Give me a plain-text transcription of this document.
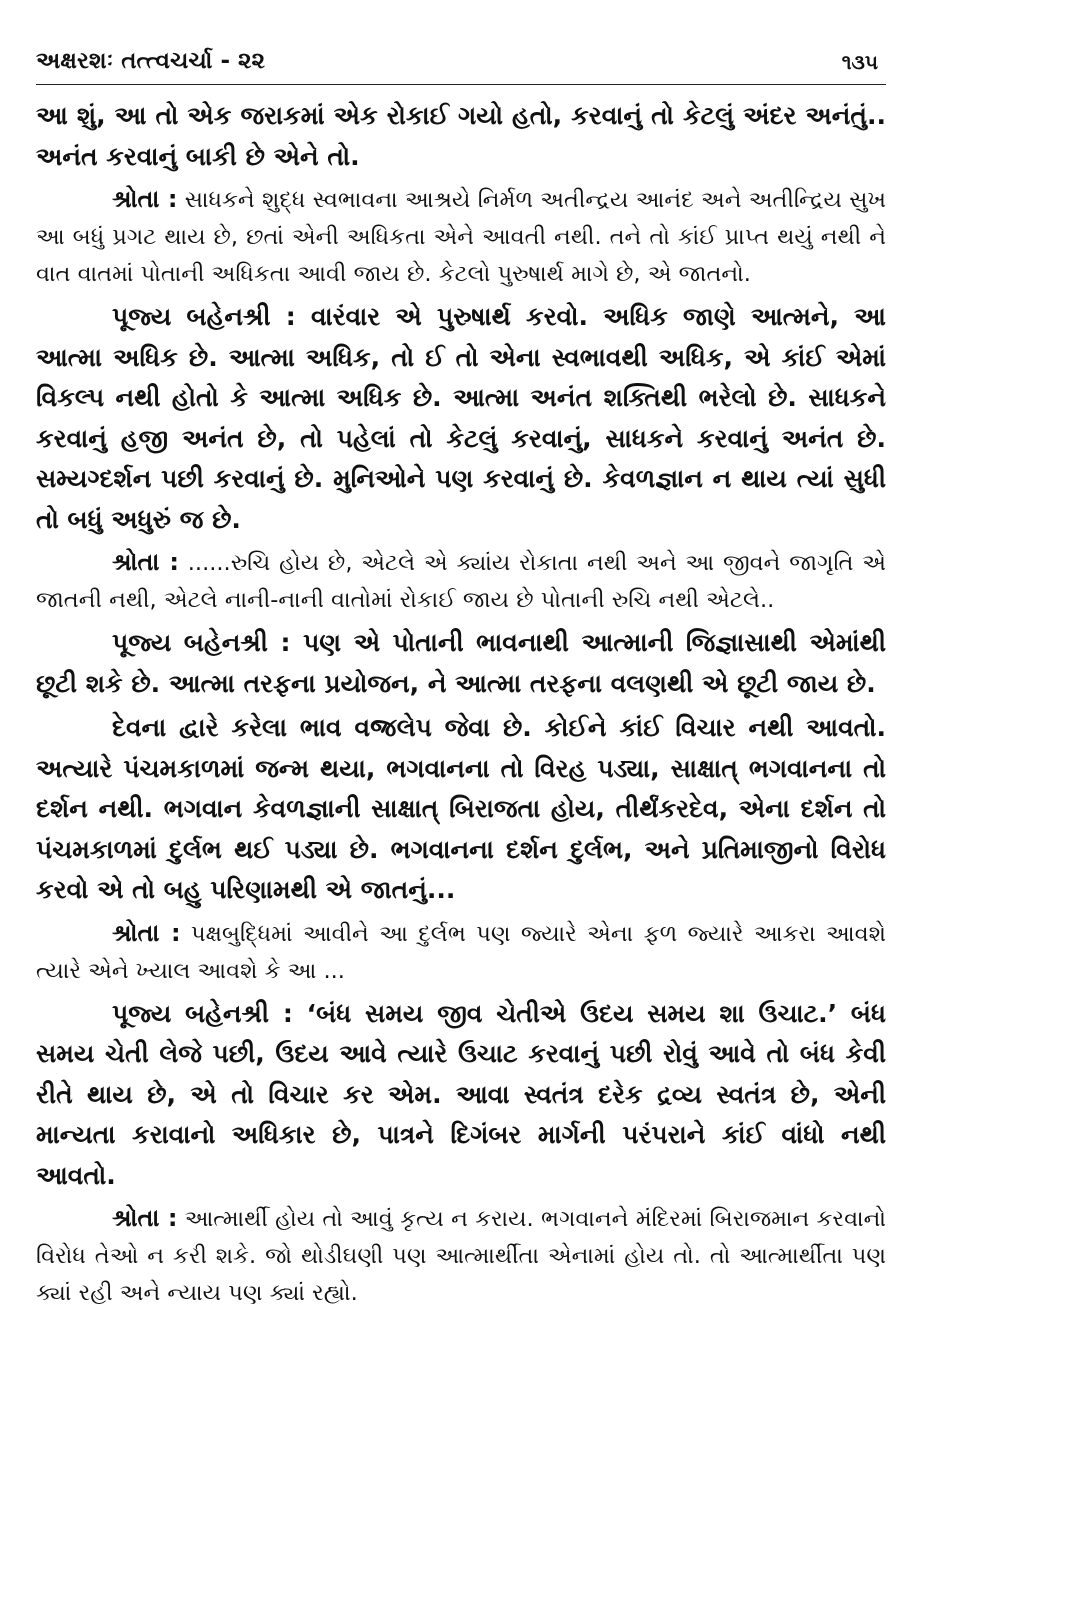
અક્ષરશઃ તત્ત્વચર્ચા - ૨૨	૧૩૫

આ શું, આ તો એક જરાકમાં એક રોકાઈ ગયો હતો, કરવાનું તો કેટલું અંદર અનંતું.. અનંત કરવાનું બાકી છે એને તો.

શ્રોતા : સાધકને શુદ્ધ સ્વભાવના આશ્રયે નિર્મળ અતીન્દ્રય આનંદ અને અતીન્દ્રિય સુખ આ બધું પ્રગટ થાય છે, છતાં એની અધિકતા એને આવતી નથી. તને તો કાંઈ પ્રાપ્ત થયું નથી ને વાત વાતમાં પોતાની અધિકતા આવી જાય છે. કેટલો પુરુષાર્થ માગે છે, એ જાતનો.

પૂજ્ય બહેનશ્રી : વારંવાર એ પુરુષાર્થ કરવો. અધિક જાણે આત્મને, આ આત્મા અધિક છે. આત્મા અધિક, તો ઈ તો એના સ્વભાવથી અધિક, એ કાંઈ એમાં વિકલ્પ નથી હોતો કે આત્મા અધિક છે. આત્મા અનંત શક્તિથી ભરેલો છે. સાધકને કરવાનું હજી અનંત છે, તો પહેલાં તો કેટલું કરવાનું, સાધકને કરવાનું અનંત છે. સમ્યગ્દર્શન પછી કરવાનું છે. મુનિઓને પણ કરવાનું છે. કેવળજ્ઞાન ન થાય ત્યાં સુધી તો બધું અધુરું જ છે.

શ્રોતા : ......રુચિ હોય છે, એટલે એ ક્યાંય રોકાતા નથી અને આ જીવને જાગૃતિ એ જાતની નથી, એટલે નાની-નાની વાતોમાં રોકાઈ જાય છે પોતાની રુચિ નથી એટલે..

પૂજ્ય બહેનશ્રી : પણ એ પોતાની ભાવનાથી આત્માની જિજ્ઞાસાથી એમાંથી છૂટી શકે છે. આત્મા તરફના પ્રયોજન, ને આત્મા તરફના વલણથી એ છૂટી જાય છે.

દેવના દ્વારે કરેલા ભાવ વજ્રલેપ જેવા છે. કોઈને કાંઈ વિચાર નથી આવતો. અત્યારે પંચમકાળમાં જન્મ થયા, ભગવાનના તો વિરહ પડ્યા, સાક્ષાત્ ભગવાનના તો દર્શન નથી. ભગવાન કેવળજ્ઞાની સાક્ષાત્ બિરાજતા હોય, તીર્થંકરદેવ, એના દર્શન તો પંચમકાળમાં દુર્લભ થઈ પડ્યા છે. ભગવાનના દર્શન દુર્લભ, અને પ્રતિમાજીનો વિરોધ કરવો એ તો બહુ પરિણામથી એ જાતનું...

શ્રોતા : પક્ષબુદ્ધિમાં આવીને આ દુર્લભ પણ જ્યારે એના ફળ જ્યારે આકરા આવશે ત્યારે એને ખ્યાલ આવશે કે આ ...

પૂજ્ય બહેનશ્રી : ‘બંધ સમય જીવ ચેતીએ ઉદય સમય શા ઉચાટ.’ બંધ સમય ચેતી લેજે પછી, ઉદય આવે ત્યારે ઉચાટ કરવાનું પછી રોવું આવે તો બંધ કેવી રીતે થાય છે, એ તો વિચાર કર એમ. આવા સ્વતંત્ર દરેક દ્રવ્ય સ્વતંત્ર છે, એની માન્યતા કરાવાનો અધિકાર છે, પાત્રને દિગંબર માર્ગની પરંપરાને કાંઈ વાંધો નથી આવતો.

શ્રોતા : આત્માર્થી હોય તો આવું કૃત્ય ન કરાય. ભગવાનને મંદિરમાં બિરાજમાન કરવાનો વિરોધ તેઓ ન કરી શકે. જો થોડીઘણી પણ આત્માર્થીતા એનામાં હોય તો. તો આત્માર્થીતા પણ ક્યાં રહી અને ન્યાય પણ ક્યાં રહ્યો.
